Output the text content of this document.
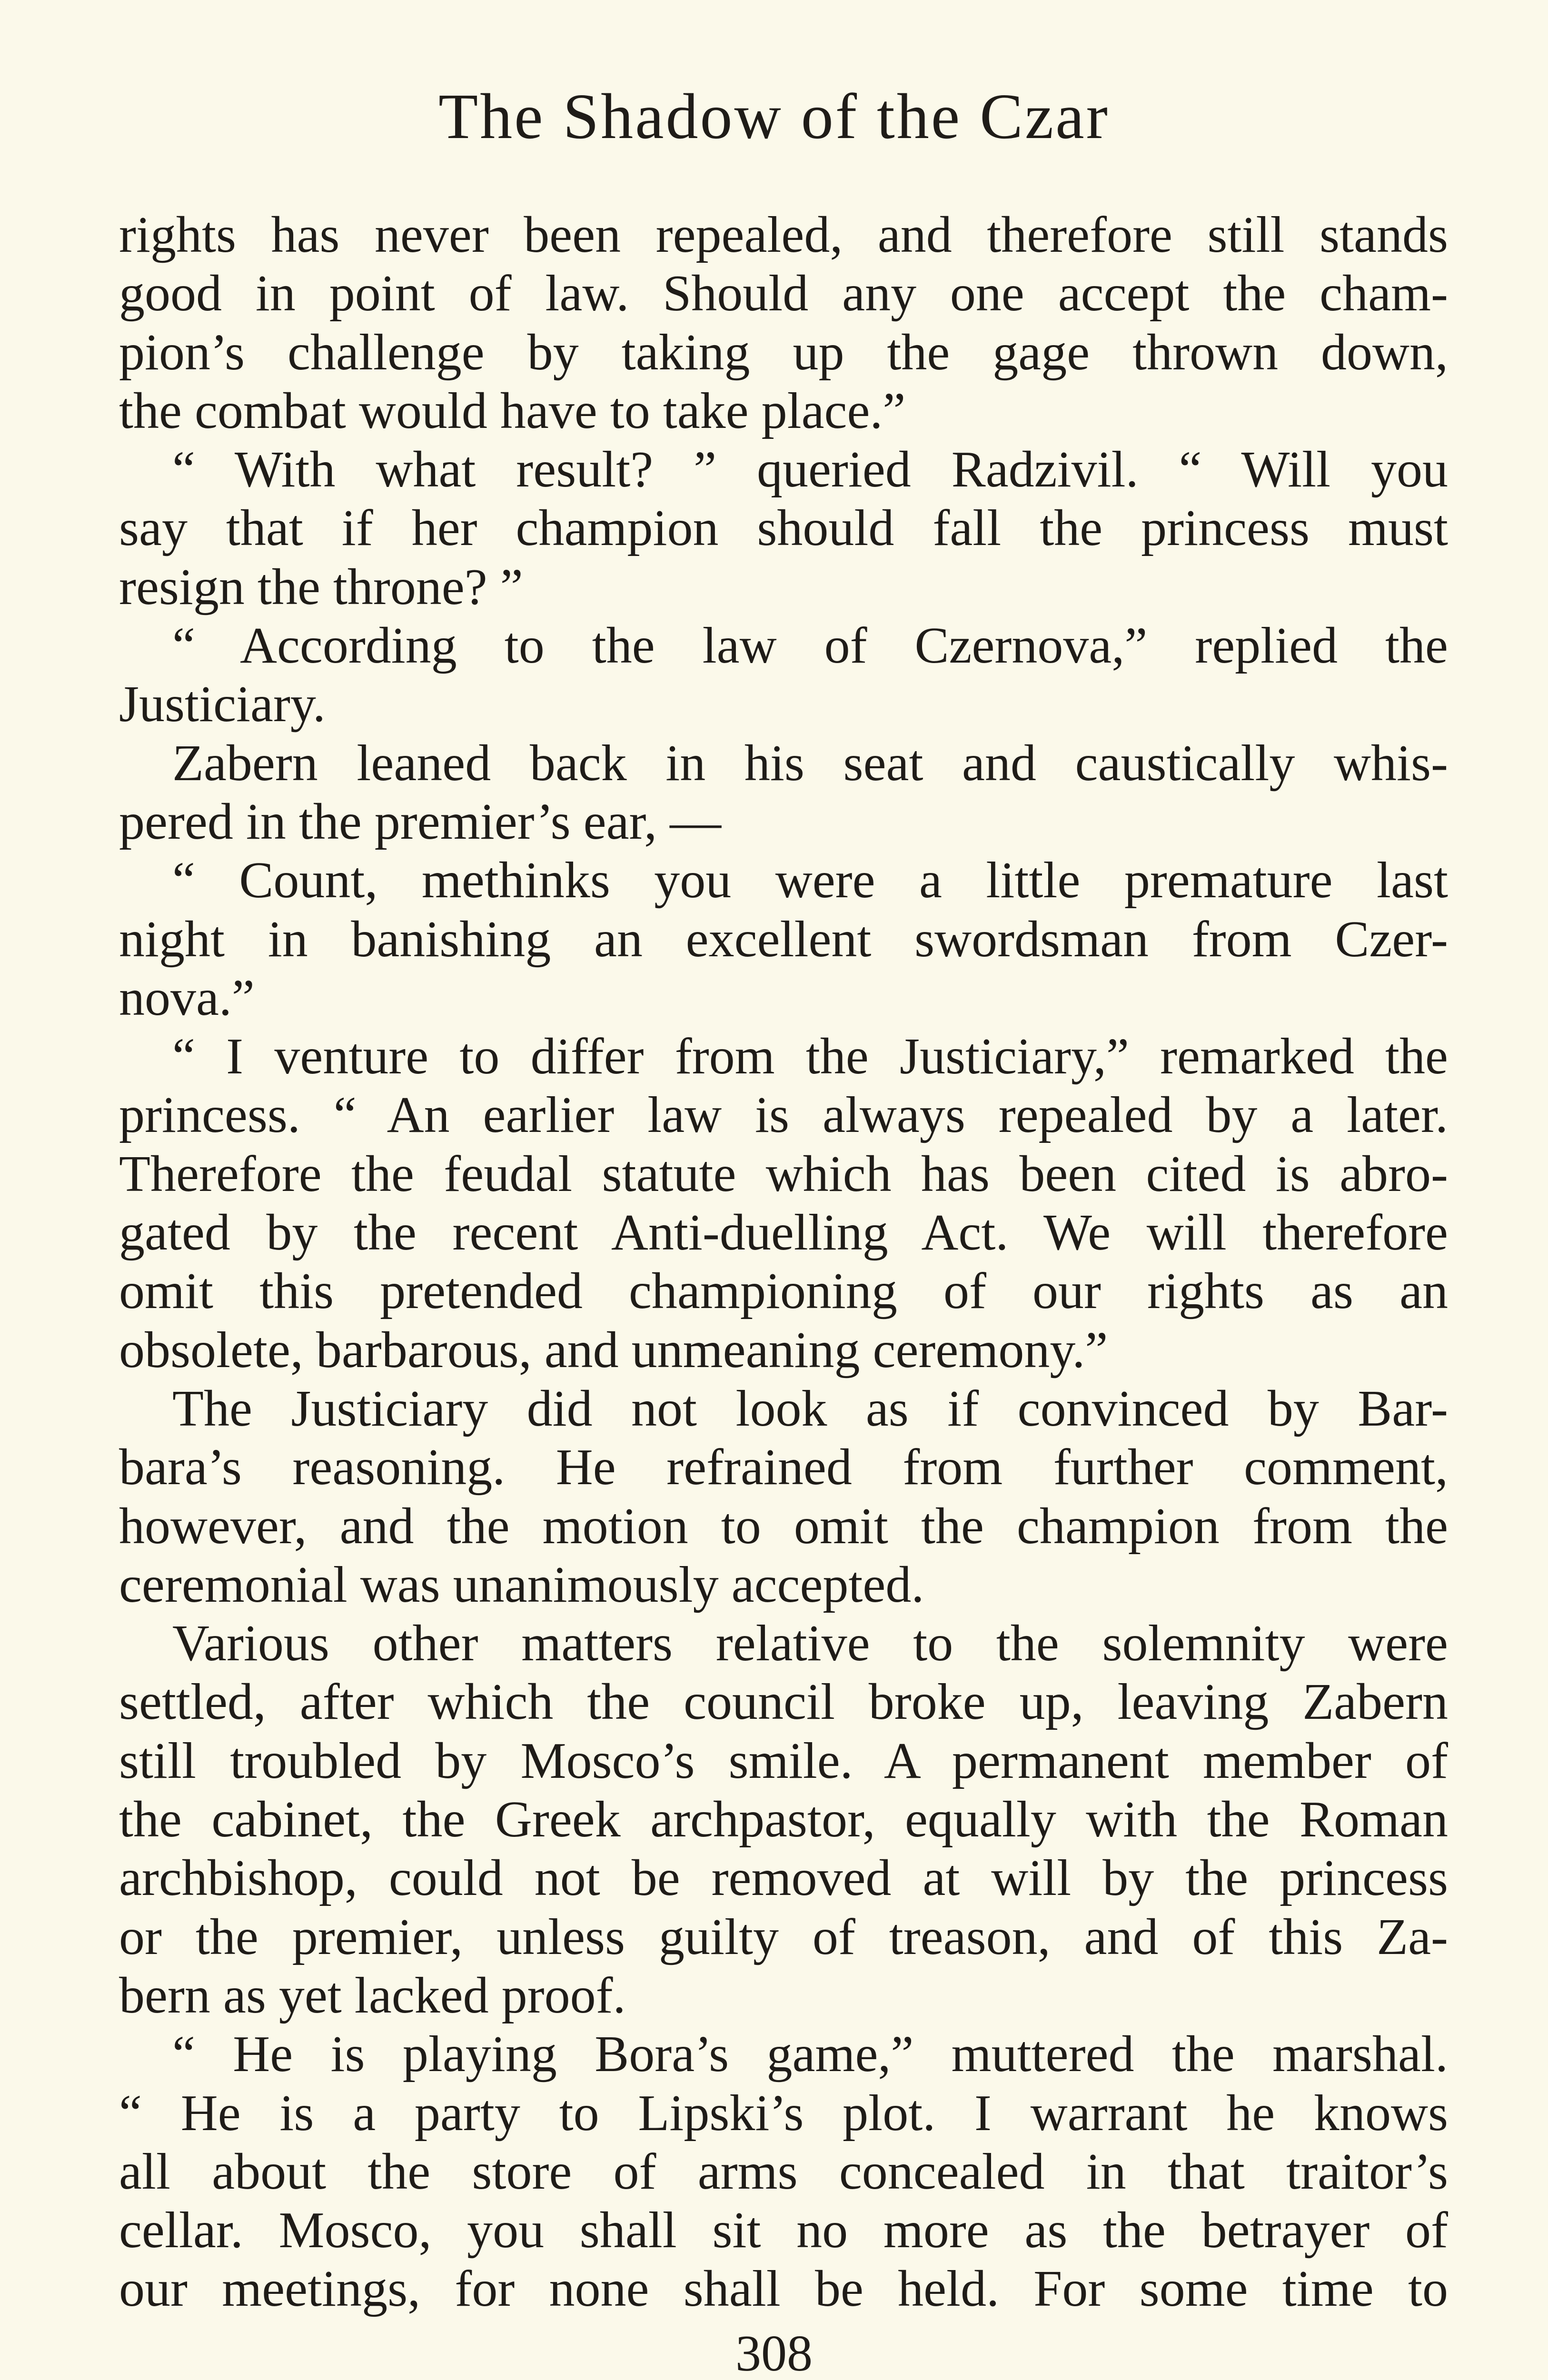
The Shadow of the Czar
rights has never been repealed, and therefore still stands
good in point of law. Should any one accept the cham-
pion’s challenge by taking up the gage thrown down,
the combat would have to take place.”
“ With what result? ” queried Radzivil. “ Will you
say that if her champion should fall the princess must
resign the throne? ”
“ According to the law of Czernova,” replied the
Justiciary.
Zabern leaned back in his seat and caustically whis-
pered in the premier’s ear, —
“ Count, methinks you were a little premature last
night in banishing an excellent swordsman from Czer-
nova.”
“ I venture to differ from the Justiciary,” remarked the
princess. “ An earlier law is always repealed by a later.
Therefore the feudal statute which has been cited is abro-
gated by the recent Anti-duelling Act. We will therefore
omit this pretended championing of our rights as an
obsolete, barbarous, and unmeaning ceremony.”
The Justiciary did not look as if convinced by Bar-
bara’s reasoning. He refrained from further comment,
however, and the motion to omit the champion from the
ceremonial was unanimously accepted.
Various other matters relative to the solemnity were
settled, after which the council broke up, leaving Zabern
still troubled by Mosco’s smile. A permanent member of
the cabinet, the Greek archpastor, equally with the Roman
archbishop, could not be removed at will by the princess
or the premier, unless guilty of treason, and of this Za-
bern as yet lacked proof.
“ He is playing Bora’s game,” muttered the marshal.
“ He is a party to Lipski’s plot. I warrant he knows
all about the store of arms concealed in that traitor’s
cellar. Mosco, you shall sit no more as the betrayer of
our meetings, for none shall be held. For some time to
308
